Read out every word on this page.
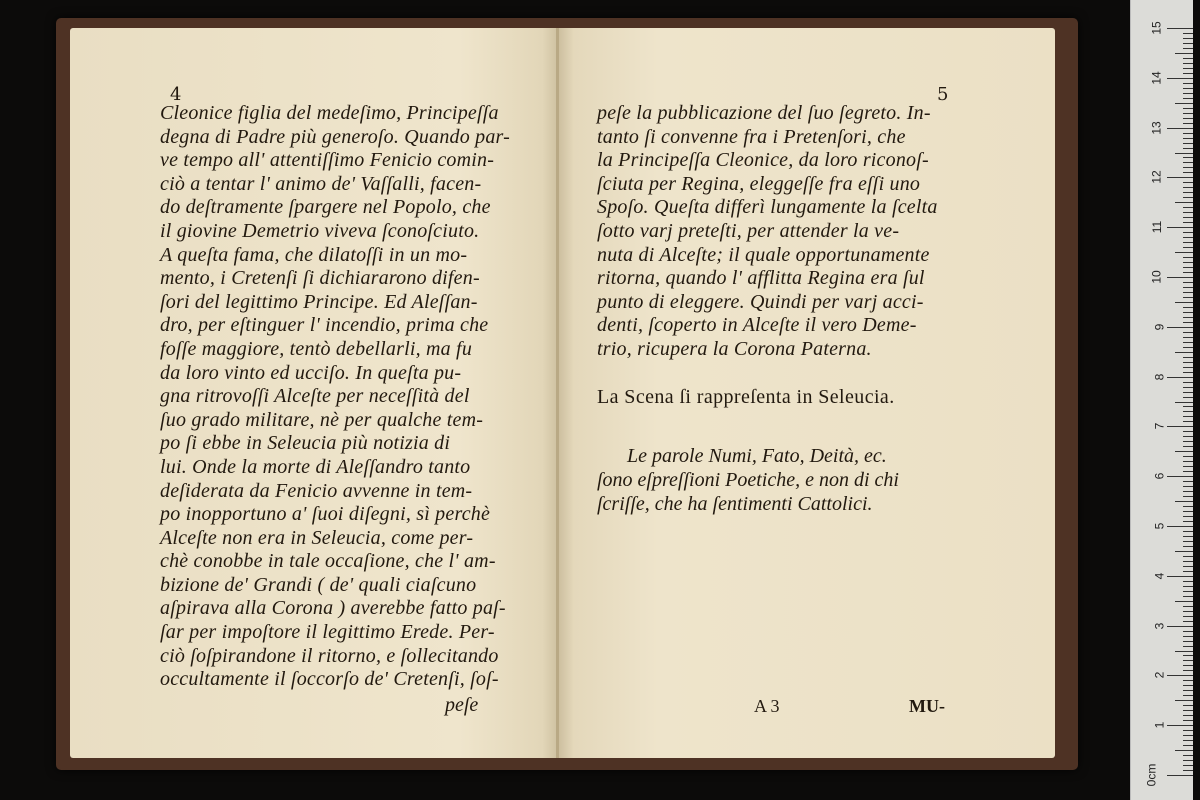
4
Cleonice figlia del medeſimo, Principeſſa
degna di Padre più generoſo. Quando par-
ve tempo all' attentiſſimo Fenicio comin-
ciò a tentar l' animo de' Vaſſalli, facen-
do deſtramente ſpargere nel Popolo, che
il giovine Demetrio viveva ſconoſciuto.
A queſta fama, che dilatoſſi in un mo-
mento, i Cretenſi ſi dichiararono difen-
ſori del legittimo Principe. Ed Aleſſan-
dro, per eſtinguer l' incendio, prima che
foſſe maggiore, tentò debellarli, ma fu
da loro vinto ed ucciſo. In queſta pu-
gna ritrovoſſi Alceſte per neceſſità del
ſuo grado militare, nè per qualche tem-
po ſi ebbe in Seleucia più notizia di
lui. Onde la morte di Aleſſandro tanto
deſiderata da Fenicio avvenne in tem-
po inopportuno a' ſuoi diſegni, sì perchè
Alceſte non era in Seleucia, come per-
chè conobbe in tale occaſione, che l' am-
bizione de' Grandi ( de' quali ciaſcuno
aſpirava alla Corona ) averebbe fatto paſ-
ſar per impoſtore il legittimo Erede. Per-
ciò ſoſpirandone il ritorno, e ſollecitando
occultamente il ſoccorſo de' Cretenſi, ſoſ-
peſe
5
peſe la pubblicazione del ſuo ſegreto. In-
tanto ſi convenne fra i Pretenſori, che
la Principeſſa Cleonice, da loro riconoſ-
ſciuta per Regina, eleggeſſe fra eſſi uno
Spoſo. Queſta differì lungamente la ſcelta
ſotto varj preteſti, per attender la ve-
nuta di Alceſte; il quale opportunamente
ritorna, quando l' afflitta Regina era ſul
punto di eleggere. Quindi per varj acci-
denti, ſcoperto in Alceſte il vero Deme-
trio, ricupera la Corona Paterna.
La Scena ſi rappreſenta in Seleucia.
Le parole Numi, Fato, Deità, ec.
ſono eſpreſſioni Poetiche, e non di chi
ſcriſſe, che ha ſentimenti Cattolici.
A 3	MU-
15
14
13
12
11
10
9
8
7
6
5
4
3
2
1
0cm
